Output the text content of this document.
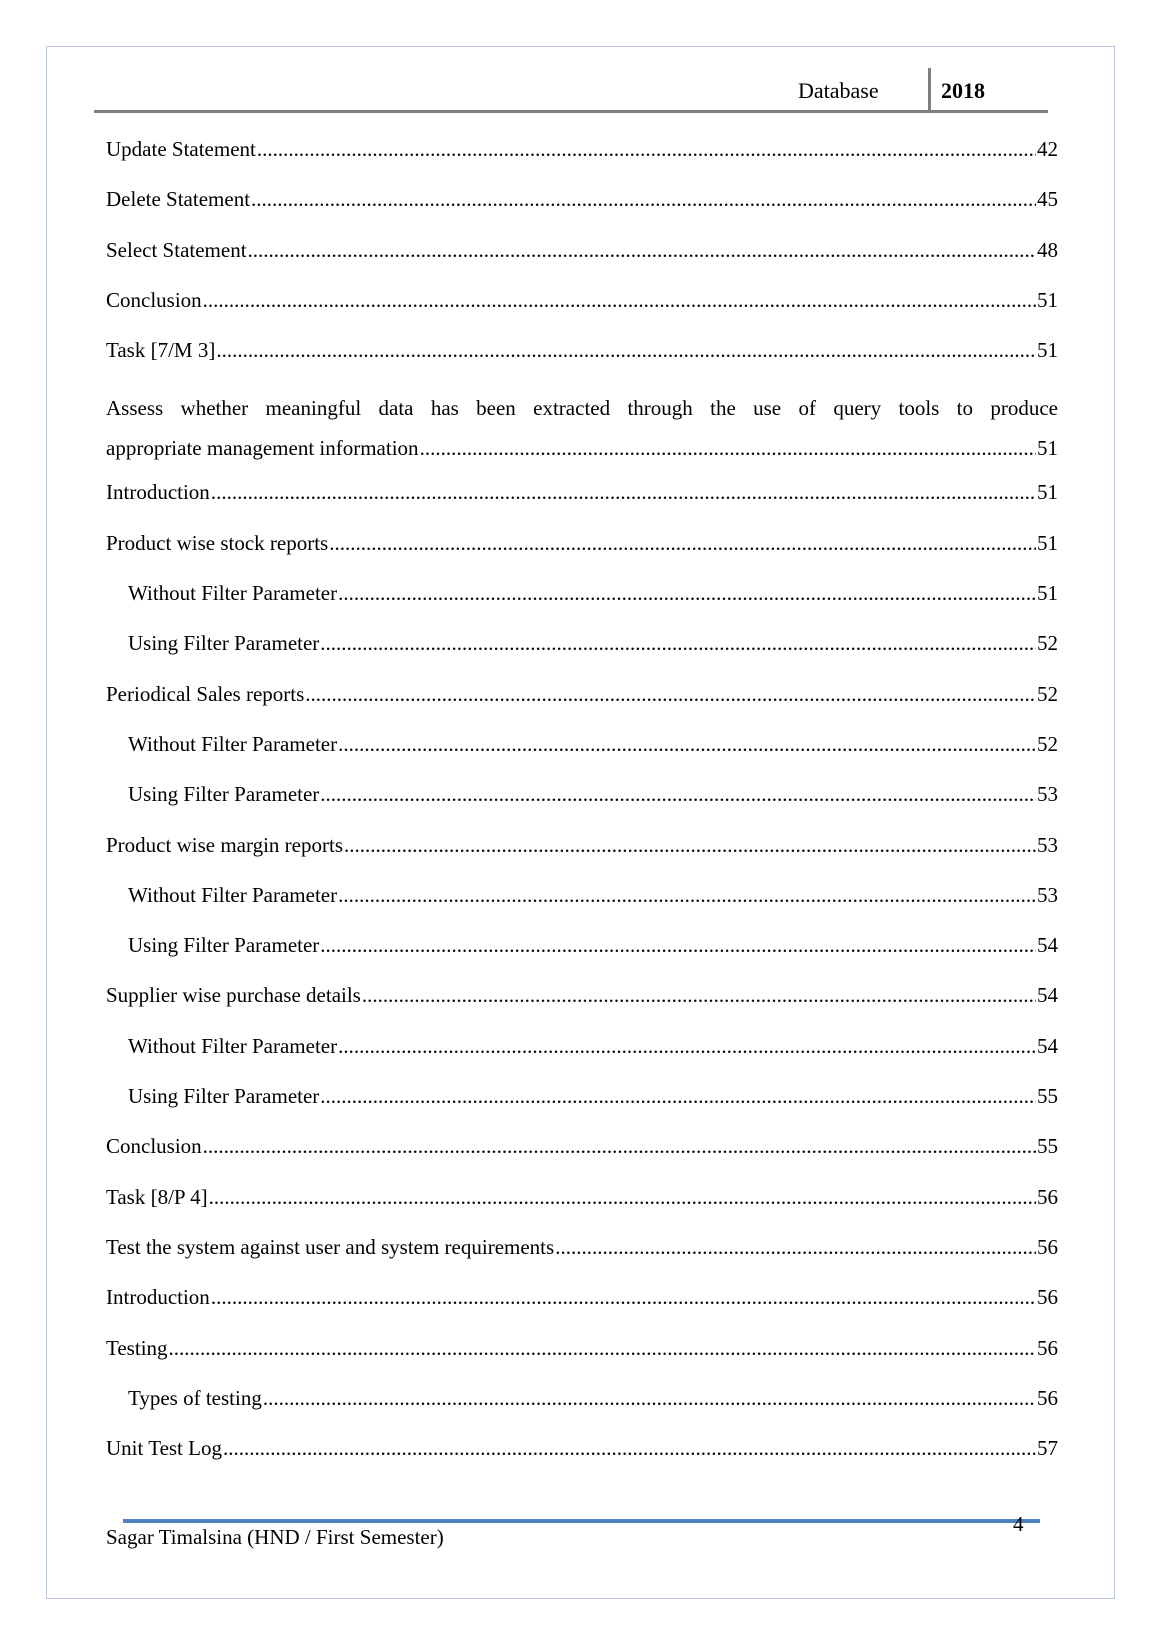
Database	2018
Update Statement .....	42
Delete Statement .....	45
Select Statement .....	48
Conclusion .....	51
Task [7/M 3] .....	51
Assess whether meaningful data has been extracted through the use of query tools to produce
appropriate management information .....	51
Introduction .....	51
Product wise stock reports .....	51
Without Filter Parameter .....	51
Using Filter Parameter .....	52
Periodical Sales reports .....	52
Without Filter Parameter .....	52
Using Filter Parameter .....	53
Product wise margin reports .....	53
Without Filter Parameter .....	53
Using Filter Parameter .....	54
Supplier wise purchase details .....	54
Without Filter Parameter .....	54
Using Filter Parameter .....	55
Conclusion .....	55
Task [8/P 4] .....	56
Test the system against user and system requirements .....	56
Introduction .....	56
Testing .....	56
Types of testing .....	56
Unit Test Log .....	57
Sagar Timalsina (HND / First Semester)
4
